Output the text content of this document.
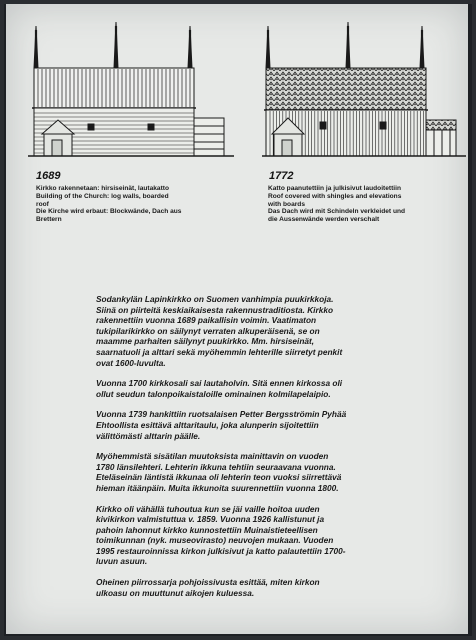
1689	1772
Kirkko rakennetaan: hirsiseinät, lautakatto
Building of the Church: log walls, boarded
roof
Die Kirche wird erbaut: Blockwände, Dach aus
Brettern
Katto paanutettiin ja julkisivut laudoitettiin
Roof covered with shingles and elevations
with boards
Das Dach wird mit Schindeln verkleidet und
die Aussenwände werden verschalt

Sodankylän Lapinkirkko on Suomen vanhimpia puukirkkoja.
Siinä on piirteitä keskiaikaisesta rakennustraditiosta. Kirkko
rakennettiin vuonna 1689 paikallisin voimin. Vaatimaton
tukipilarikirkko on säilynyt verraten alkuperäisenä, se on
maamme parhaiten säilynyt puukirkko. Mm. hirsiseinät,
saarnatuoli ja alttari sekä myöhemmin lehterille siirretyt penkit
ovat 1600-luvulta.

Vuonna 1700 kirkkosali sai lautaholvin. Sitä ennen kirkossa oli
ollut seudun talonpoikaistaloille ominainen kolmilapelaipio.

Vuonna 1739 hankittiin ruotsalaisen Petter Bergsströmin Pyhää
Ehtoollista esittävä alttaritaulu, joka alunperin sijoitettiin
välittömästi alttarin päälle.

Myöhemmistä sisätilan muutoksista mainittavin on vuoden
1780 länsilehteri. Lehterin ikkuna tehtiin seuraavana vuonna.
Eteläseinän läntistä ikkunaa oli lehterin teon vuoksi siirrettävä
hieman itäänpäin. Muita ikkunoita suurennettiin vuonna 1800.

Kirkko oli vähällä tuhoutua kun se jäi vaille hoitoa uuden
kivikirkon valmistuttua v. 1859. Vuonna 1926 kallistunut ja
pahoin lahonnut kirkko kunnostettiin Muinaistieteellisen
toimikunnan (nyk. museovirasto) neuvojen mukaan. Vuoden
1995 restauroinnissa kirkon julkisivut ja katto palautettiin 1700-
luvun asuun.

Oheinen piirrossarja pohjoissivusta esittää, miten kirkon
ulkoasu on muuttunut aikojen kuluessa.
